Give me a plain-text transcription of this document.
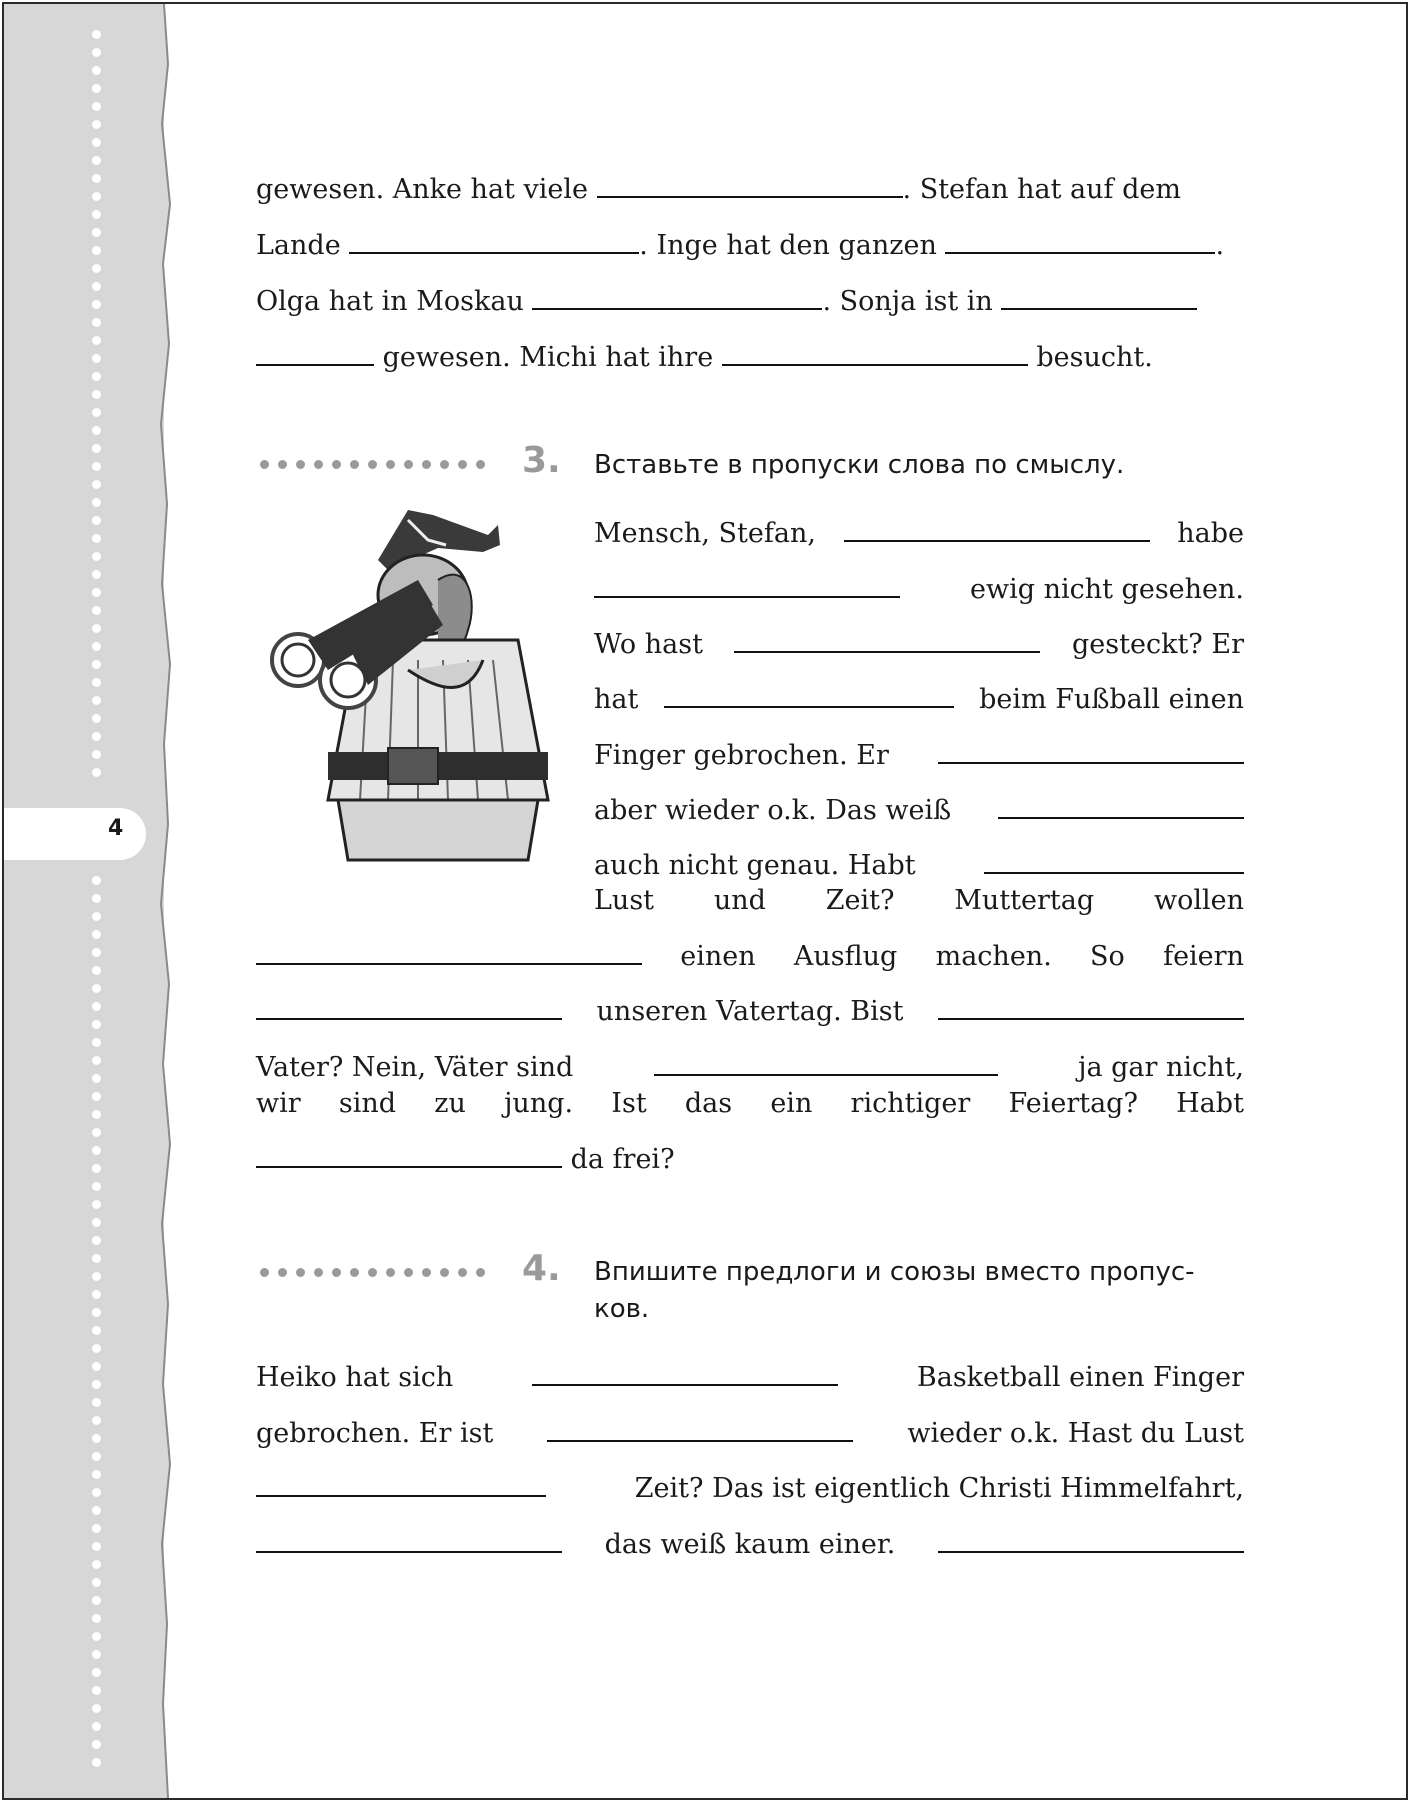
4
gewesen. Anke hat viele	. Stefan hat auf dem
Lande	. Inge hat den ganzen	.
Olga hat in Moskau	. Sonja ist in
gewesen. Michi hat ihre	besucht.
3. Вставьте в пропуски слова по смыслу.
Mensch, Stefan,	habe
ewig nicht gesehen.
Wo hast	gesteckt? Er
hat	beim Fußball einen
Finger gebrochen. Er
aber wieder o.k. Das weiß
auch nicht genau. Habt
Lust und Zeit? Muttertag wollen
einen Ausflug machen. So feiern
unseren Vatertag. Bist
Vater? Nein, Väter sind	ja gar nicht,
wir sind zu jung. Ist das ein richtiger Feiertag? Habt
da frei?
4. Впишите предлоги и союзы вместо пропус-
ков.
Heiko hat sich	Basketball einen Finger
gebrochen. Er ist	wieder o.k. Hast du Lust
Zeit? Das ist eigentlich Christi Himmelfahrt,
das weiß kaum einer.
